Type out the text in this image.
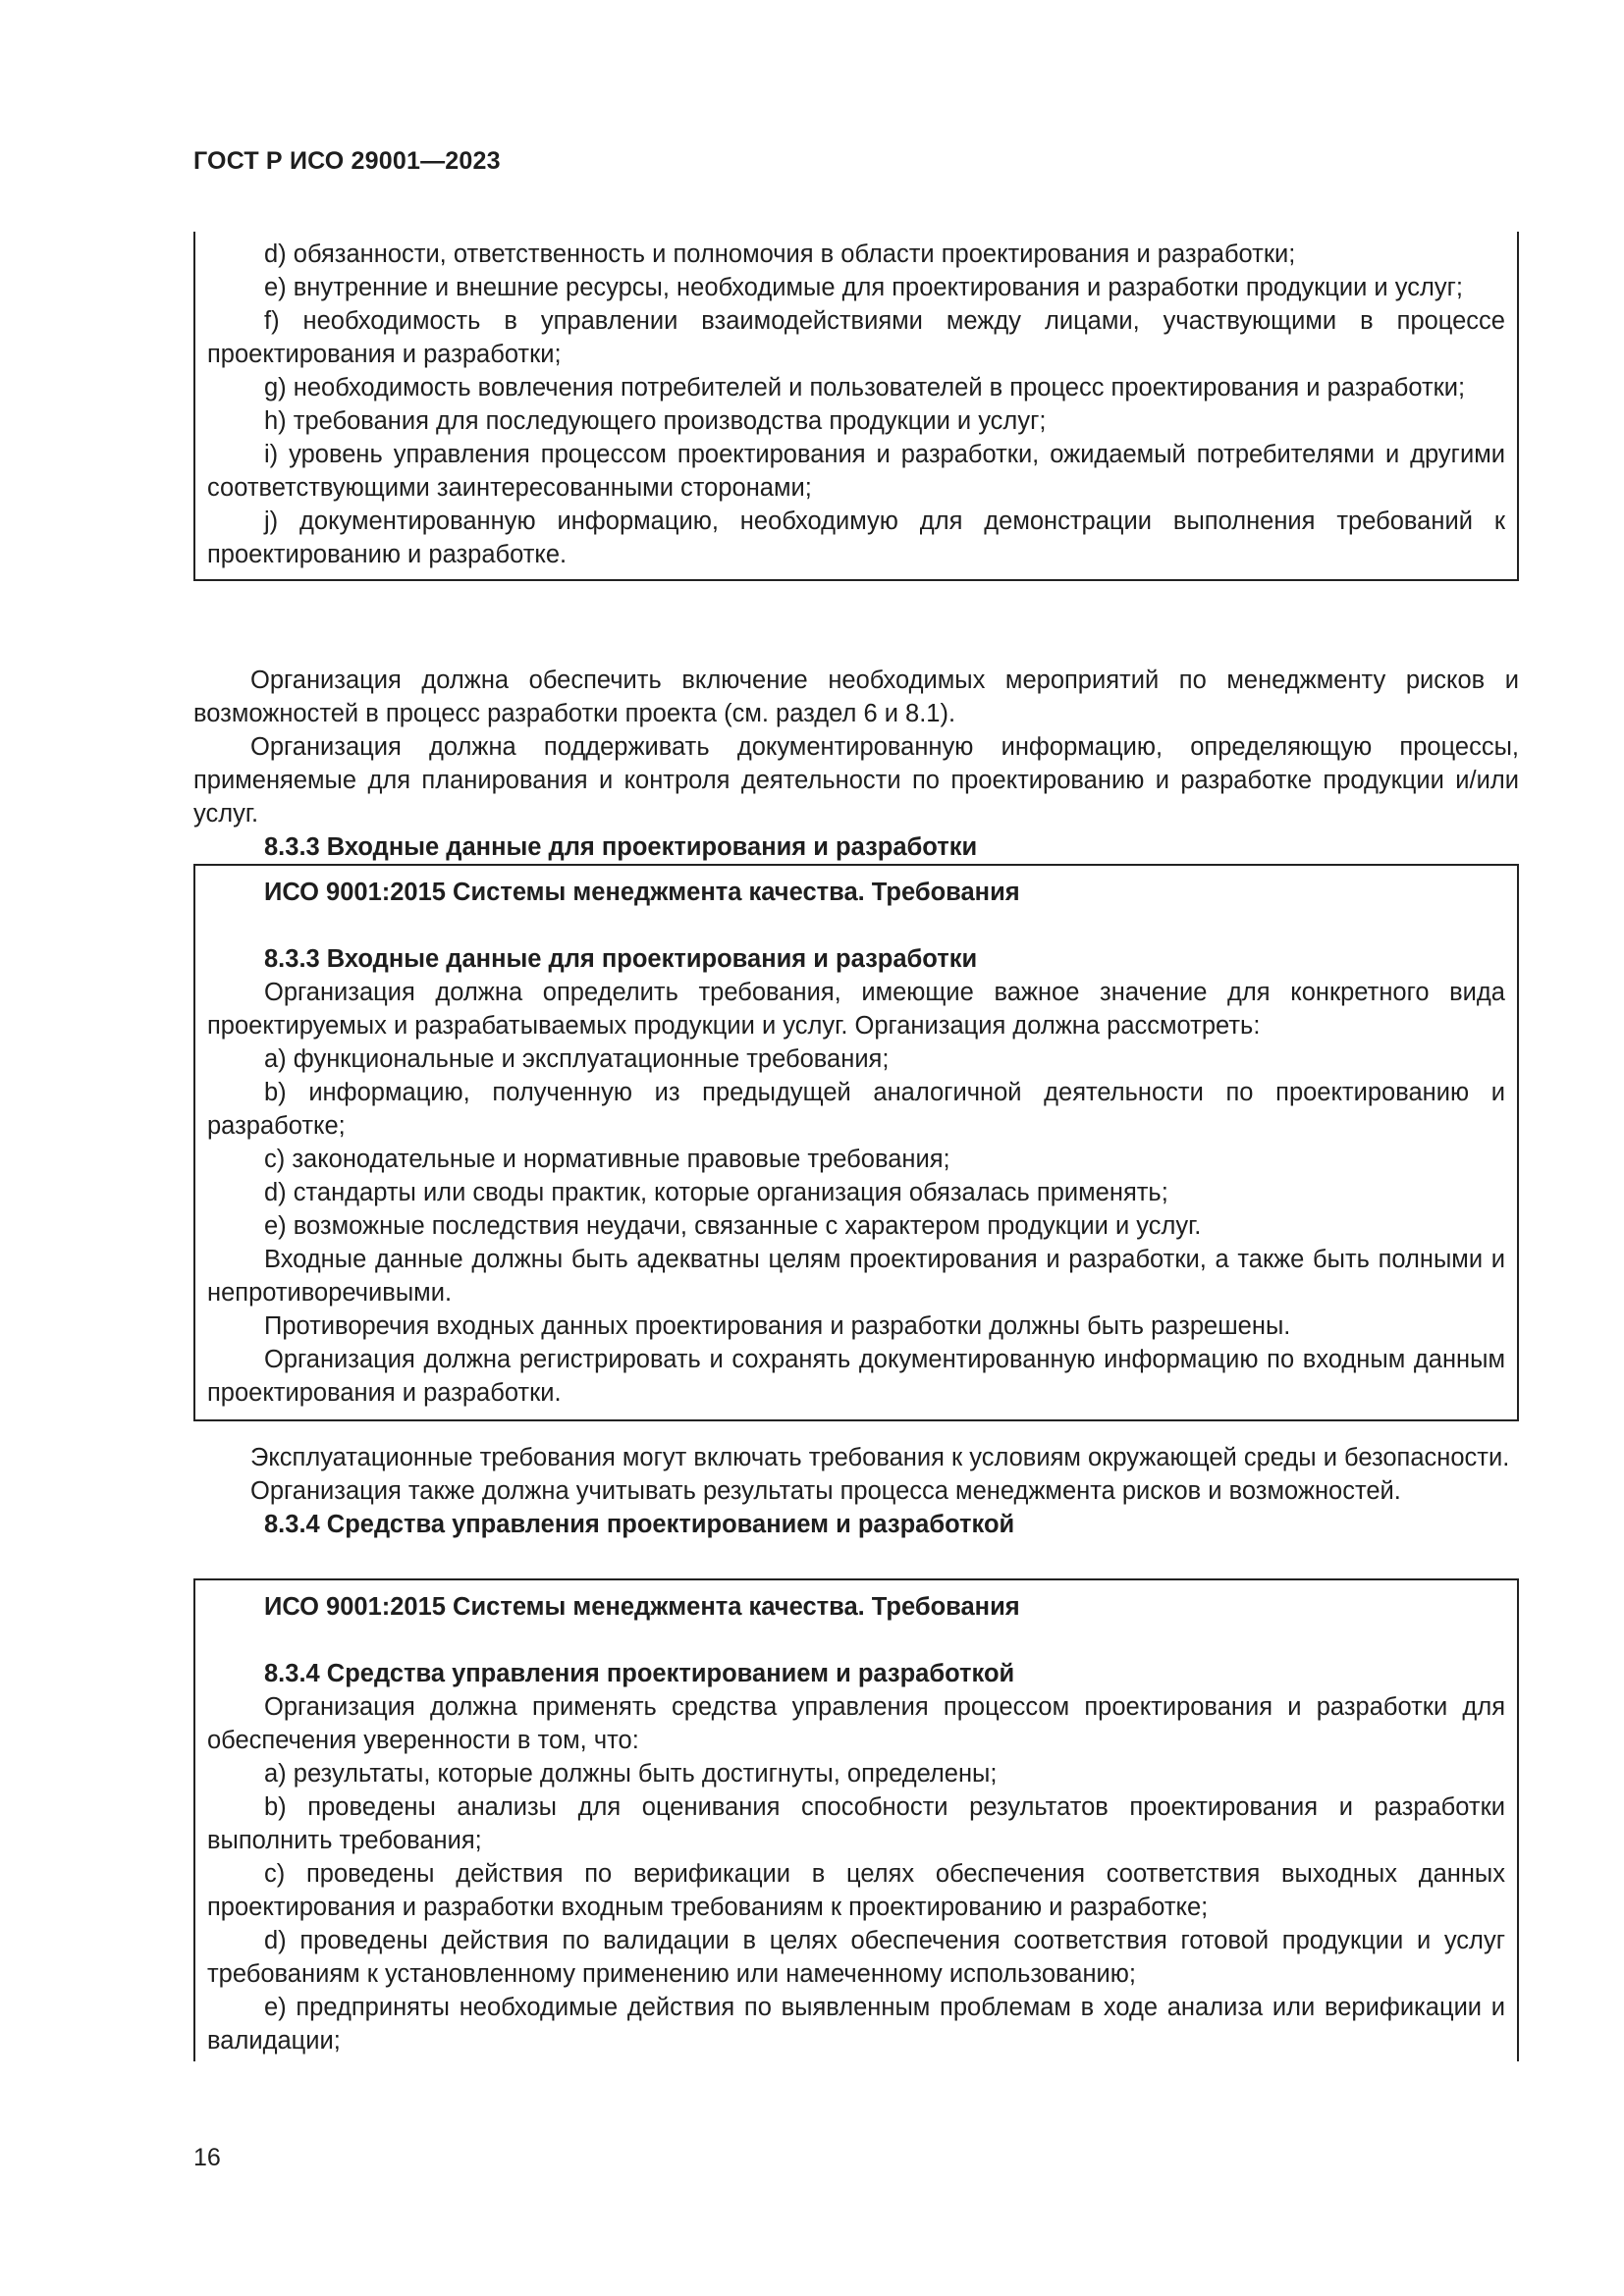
ГОСТ Р ИСО 29001—2023

d) обязанности, ответственность и полномочия в области проектирования и разработки;

e) внутренние и внешние ресурсы, необходимые для проектирования и разработки продукции и услуг;

f) необходимость в управлении взаимодействиями между лицами, участвующими в процессе проектирования и разработки;

g) необходимость вовлечения потребителей и пользователей в процесс проектирования и разработки;

h) требования для последующего производства продукции и услуг;

i) уровень управления процессом проектирования и разработки, ожидаемый потребителями и другими соответствующими заинтересованными сторонами;

j) документированную информацию, необходимую для демонстрации выполнения требований к проектированию и разработке.

Организация должна обеспечить включение необходимых мероприятий по менеджменту рисков и возможностей в процесс разработки проекта (см. раздел 6 и 8.1).

Организация должна поддерживать документированную информацию, определяющую процессы, применяемые для планирования и контроля деятельности по проектированию и разработке продукции и/или услуг.

8.3.3 Входные данные для проектирования и разработки

ИСО 9001:2015 Системы менеджмента качества. Требования

8.3.3 Входные данные для проектирования и разработки

Организация должна определить требования, имеющие важное значение для конкретного вида проектируемых и разрабатываемых продукции и услуг. Организация должна рассмотреть:

a) функциональные и эксплуатационные требования;

b) информацию, полученную из предыдущей аналогичной деятельности по проектированию и разработке;

c) законодательные и нормативные правовые требования;

d) стандарты или своды практик, которые организация обязалась применять;

e) возможные последствия неудачи, связанные с характером продукции и услуг.

Входные данные должны быть адекватны целям проектирования и разработки, а также быть полными и непротиворечивыми.

Противоречия входных данных проектирования и разработки должны быть разрешены.

Организация должна регистрировать и сохранять документированную информацию по входным данным проектирования и разработки.

Эксплуатационные требования могут включать требования к условиям окружающей среды и безопасности.

Организация также должна учитывать результаты процесса менеджмента рисков и возможностей.

8.3.4 Средства управления проектированием и разработкой

ИСО 9001:2015 Системы менеджмента качества. Требования

8.3.4 Средства управления проектированием и разработкой

Организация должна применять средства управления процессом проектирования и разработки для обеспечения уверенности в том, что:

a) результаты, которые должны быть достигнуты, определены;

b) проведены анализы для оценивания способности результатов проектирования и разработки выполнить требования;

c) проведены действия по верификации в целях обеспечения соответствия выходных данных проектирования и разработки входным требованиям к проектированию и разработке;

d) проведены действия по валидации в целях обеспечения соответствия готовой продукции и услуг требованиям к установленному применению или намеченному использованию;

e) предприняты необходимые действия по выявленным проблемам в ходе анализа или верификации и валидации;

16
